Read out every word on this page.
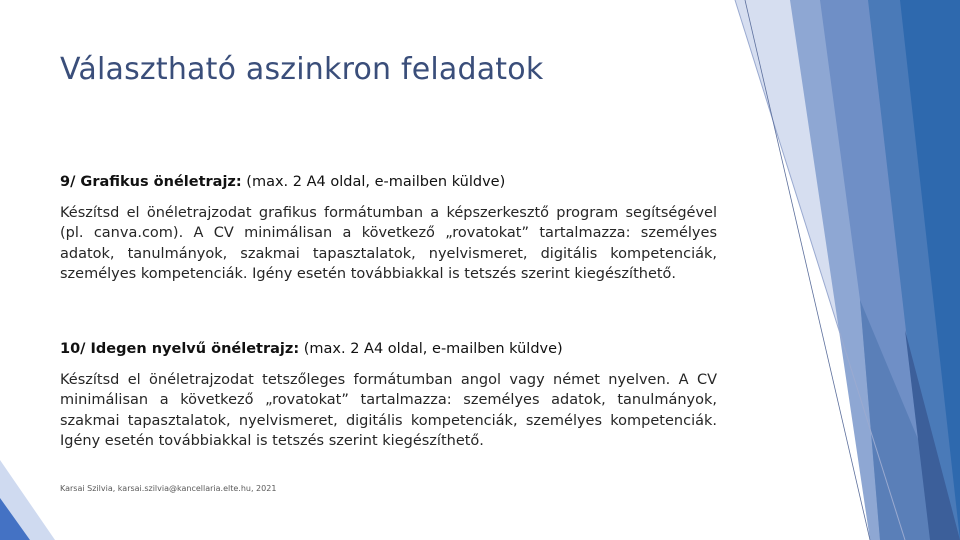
Választható aszinkron feladatok
9/ Grafikus önéletrajz: (max. 2 A4 oldal, e-mailben küldve)
Készítsd el önéletrajzodat grafikus formátumban a képszerkesztő program segítségével (pl. canva.com). A CV minimálisan a következő „rovatokat” tartalmazza: személyes adatok, tanulmányok, szakmai tapasztalatok, nyelvismeret, digitális kompetenciák, személyes kompetenciák. Igény esetén továbbiakkal is tetszés szerint kiegészíthető.
10/ Idegen nyelvű önéletrajz: (max. 2 A4 oldal, e-mailben küldve)
Készítsd el önéletrajzodat tetszőleges formátumban angol vagy német nyelven. A CV minimálisan a következő „rovatokat” tartalmazza: személyes adatok, tanulmányok, szakmai tapasztalatok, nyelvismeret, digitális kompetenciák, személyes kompetenciák. Igény esetén továbbiakkal is tetszés szerint kiegészíthető.
Karsai Szilvia, karsai.szilvia@kancellaria.elte.hu, 2021
